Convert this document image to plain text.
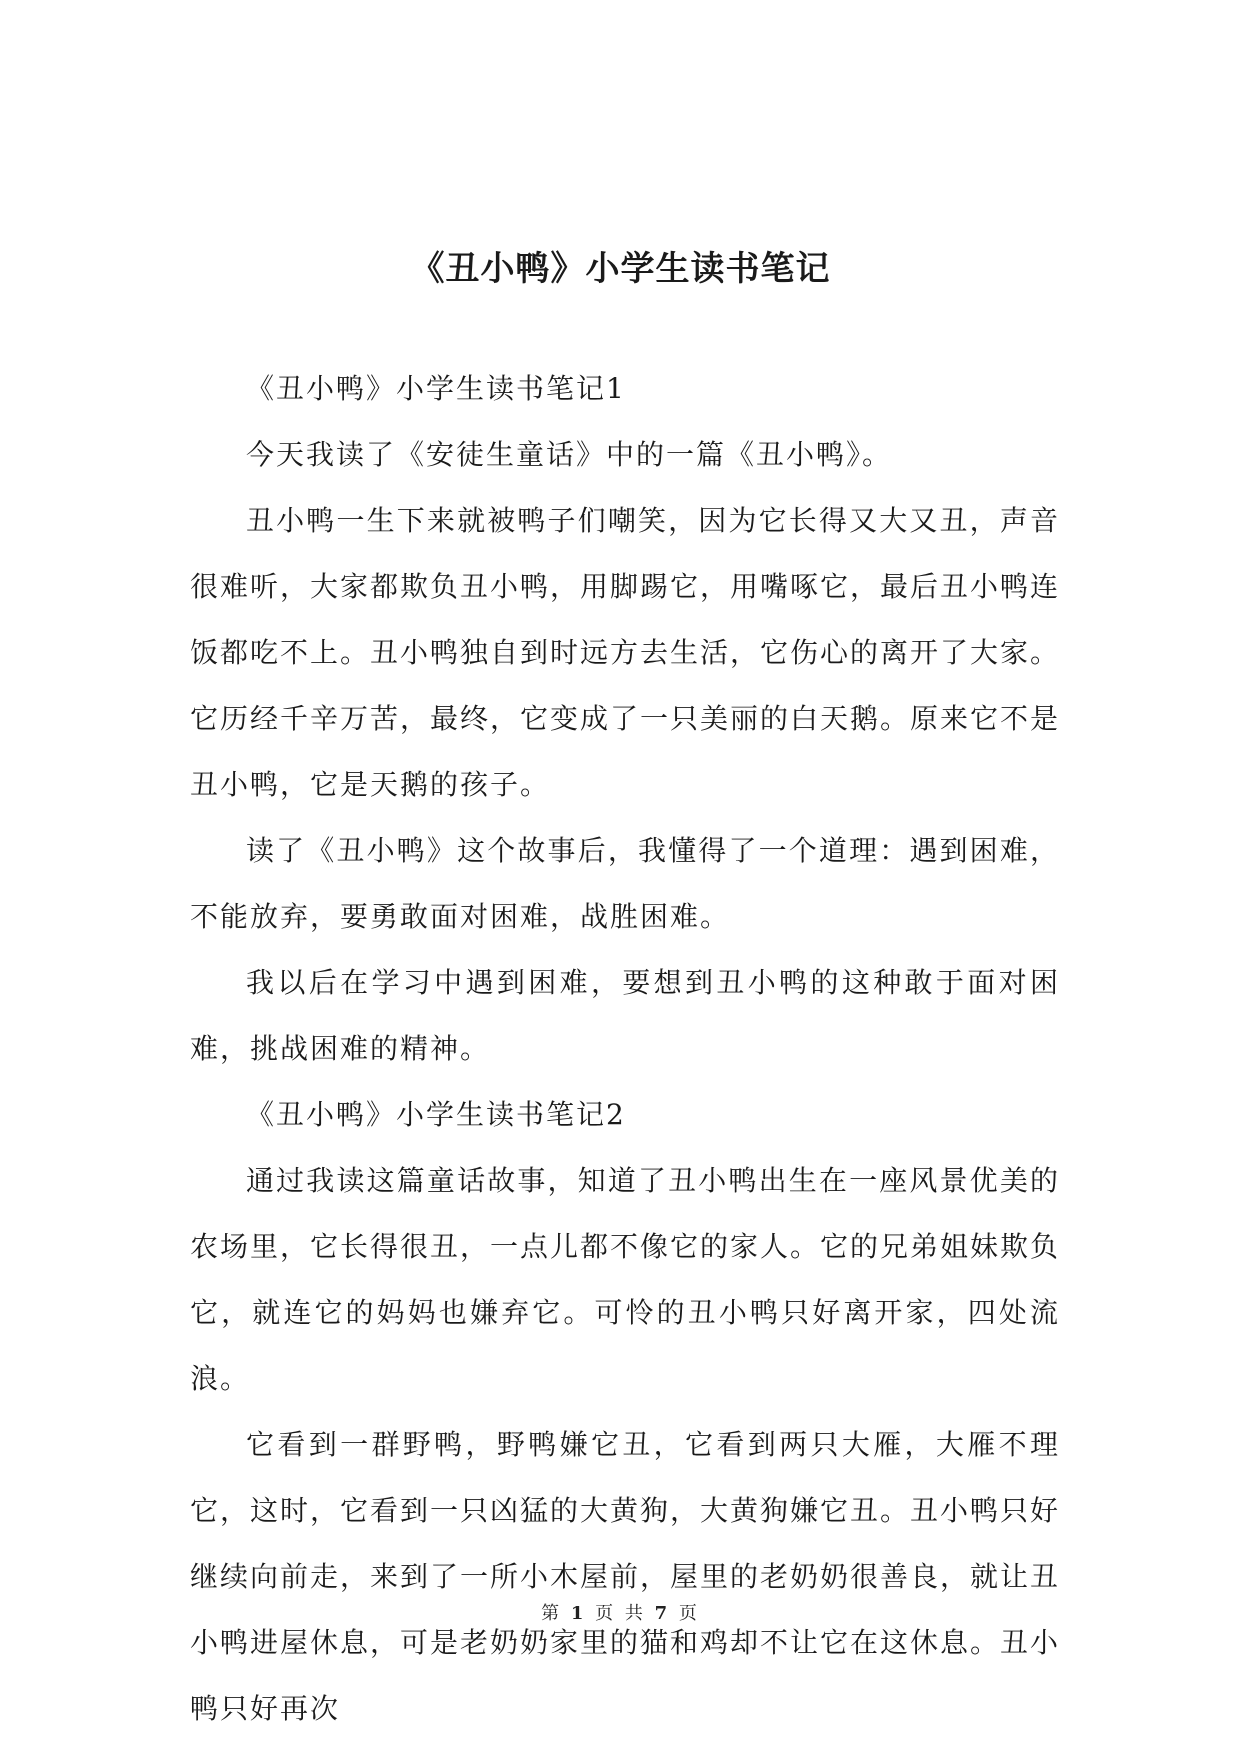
《丑小鸭》小学生读书笔记

《丑小鸭》小学生读书笔记1

今天我读了《安徒生童话》中的一篇《丑小鸭》。

丑小鸭一生下来就被鸭子们嘲笑，因为它长得又大又丑，声音很难听，大家都欺负丑小鸭，用脚踢它，用嘴啄它，最后丑小鸭连饭都吃不上。丑小鸭独自到时远方去生活，它伤心的离开了大家。它历经千辛万苦，最终，它变成了一只美丽的白天鹅。原来它不是丑小鸭，它是天鹅的孩子。

读了《丑小鸭》这个故事后，我懂得了一个道理：遇到困难，不能放弃，要勇敢面对困难，战胜困难。

我以后在学习中遇到困难，要想到丑小鸭的这种敢于面对困难，挑战困难的精神。

《丑小鸭》小学生读书笔记2

通过我读这篇童话故事，知道了丑小鸭出生在一座风景优美的农场里，它长得很丑，一点儿都不像它的家人。它的兄弟姐妹欺负它，就连它的妈妈也嫌弃它。可怜的丑小鸭只好离开家，四处流浪。

它看到一群野鸭，野鸭嫌它丑，它看到两只大雁，大雁不理它，这时，它看到一只凶猛的大黄狗，大黄狗嫌它丑。丑小鸭只好继续向前走，来到了一所小木屋前，屋里的老奶奶很善良，就让丑小鸭进屋休息，可是老奶奶家里的猫和鸡却不让它在这休息。丑小鸭只好再次

第 1 页 共 7 页
